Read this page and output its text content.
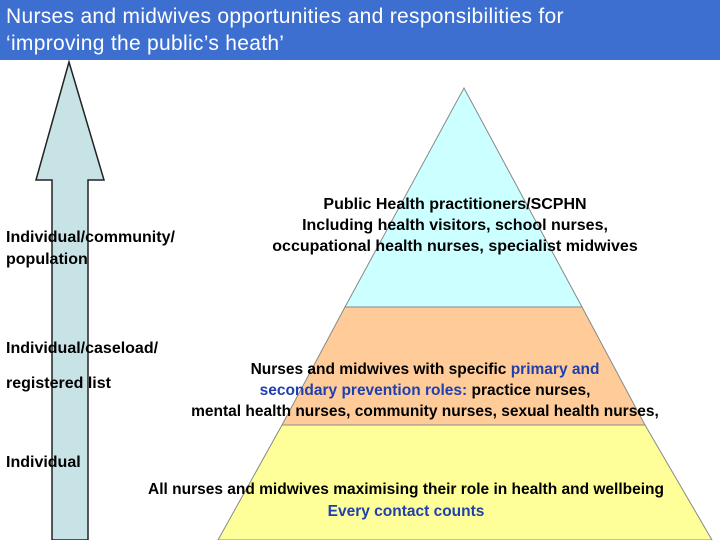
Nurses and midwives opportunities and responsibilities for
‘improving the public’s heath’
Individual/community/
population
Individual/caseload/
registered list
Individual
Public Health practitioners/SCPHN
Including health visitors, school nurses,
occupational health nurses, specialist midwives
Nurses and midwives with specific primary and
secondary prevention roles: practice nurses,
mental health nurses, community nurses, sexual health nurses,
All nurses and midwives maximising their role in health and wellbeing
Every contact counts
